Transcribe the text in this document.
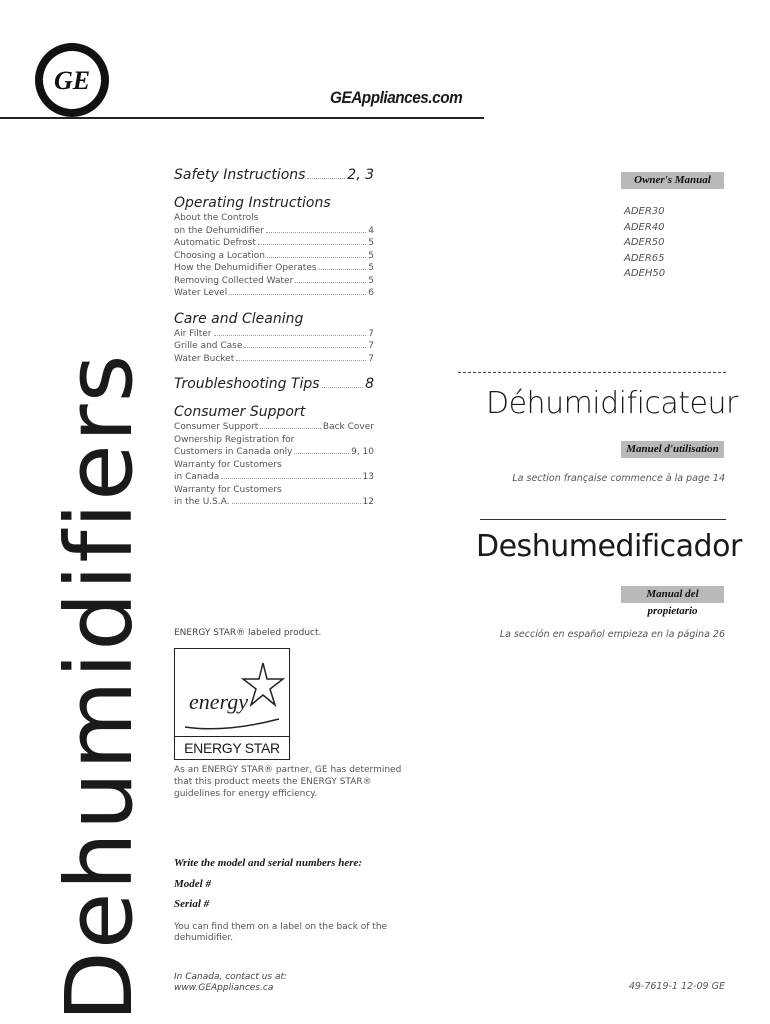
GE
GEAppliances.com
Dehumidifiers
Safety Instructions	2, 3
Operating Instructions
About the Controls
on the Dehumidifier	4
Automatic Defrost	5
Choosing a Location	5
How the Dehumidifier Operates	5
Removing Collected Water	5
Water Level	6
Care and Cleaning
Air Filter	7
Grille and Case	7
Water Bucket	7
Troubleshooting Tips	8
Consumer Support
Consumer Support	Back Cover
Ownership Registration for
Customers in Canada only	9, 10
Warranty for Customers
in Canada	13
Warranty for Customers
in the U.S.A.	12
ENERGY STAR® labeled product.
energy
ENERGY STAR
As an ENERGY STAR® partner, GE has determined that this product meets the ENERGY STAR® guidelines for energy efficiency.
Write the model and serial numbers here:
Model #
Serial #
You can find them on a label on the back of the dehumidifier.
In Canada, contact us at:
www.GEAppliances.ca
Owner's Manual
ADER30
ADER40
ADER50
ADER65
ADEH50
Déhumidificateur
Manuel d'utilisation
La section française commence à la page 14
Deshumedificador
Manual del propietario
La sección en español empieza en la página 26
49-7619-1 12-09 GE
